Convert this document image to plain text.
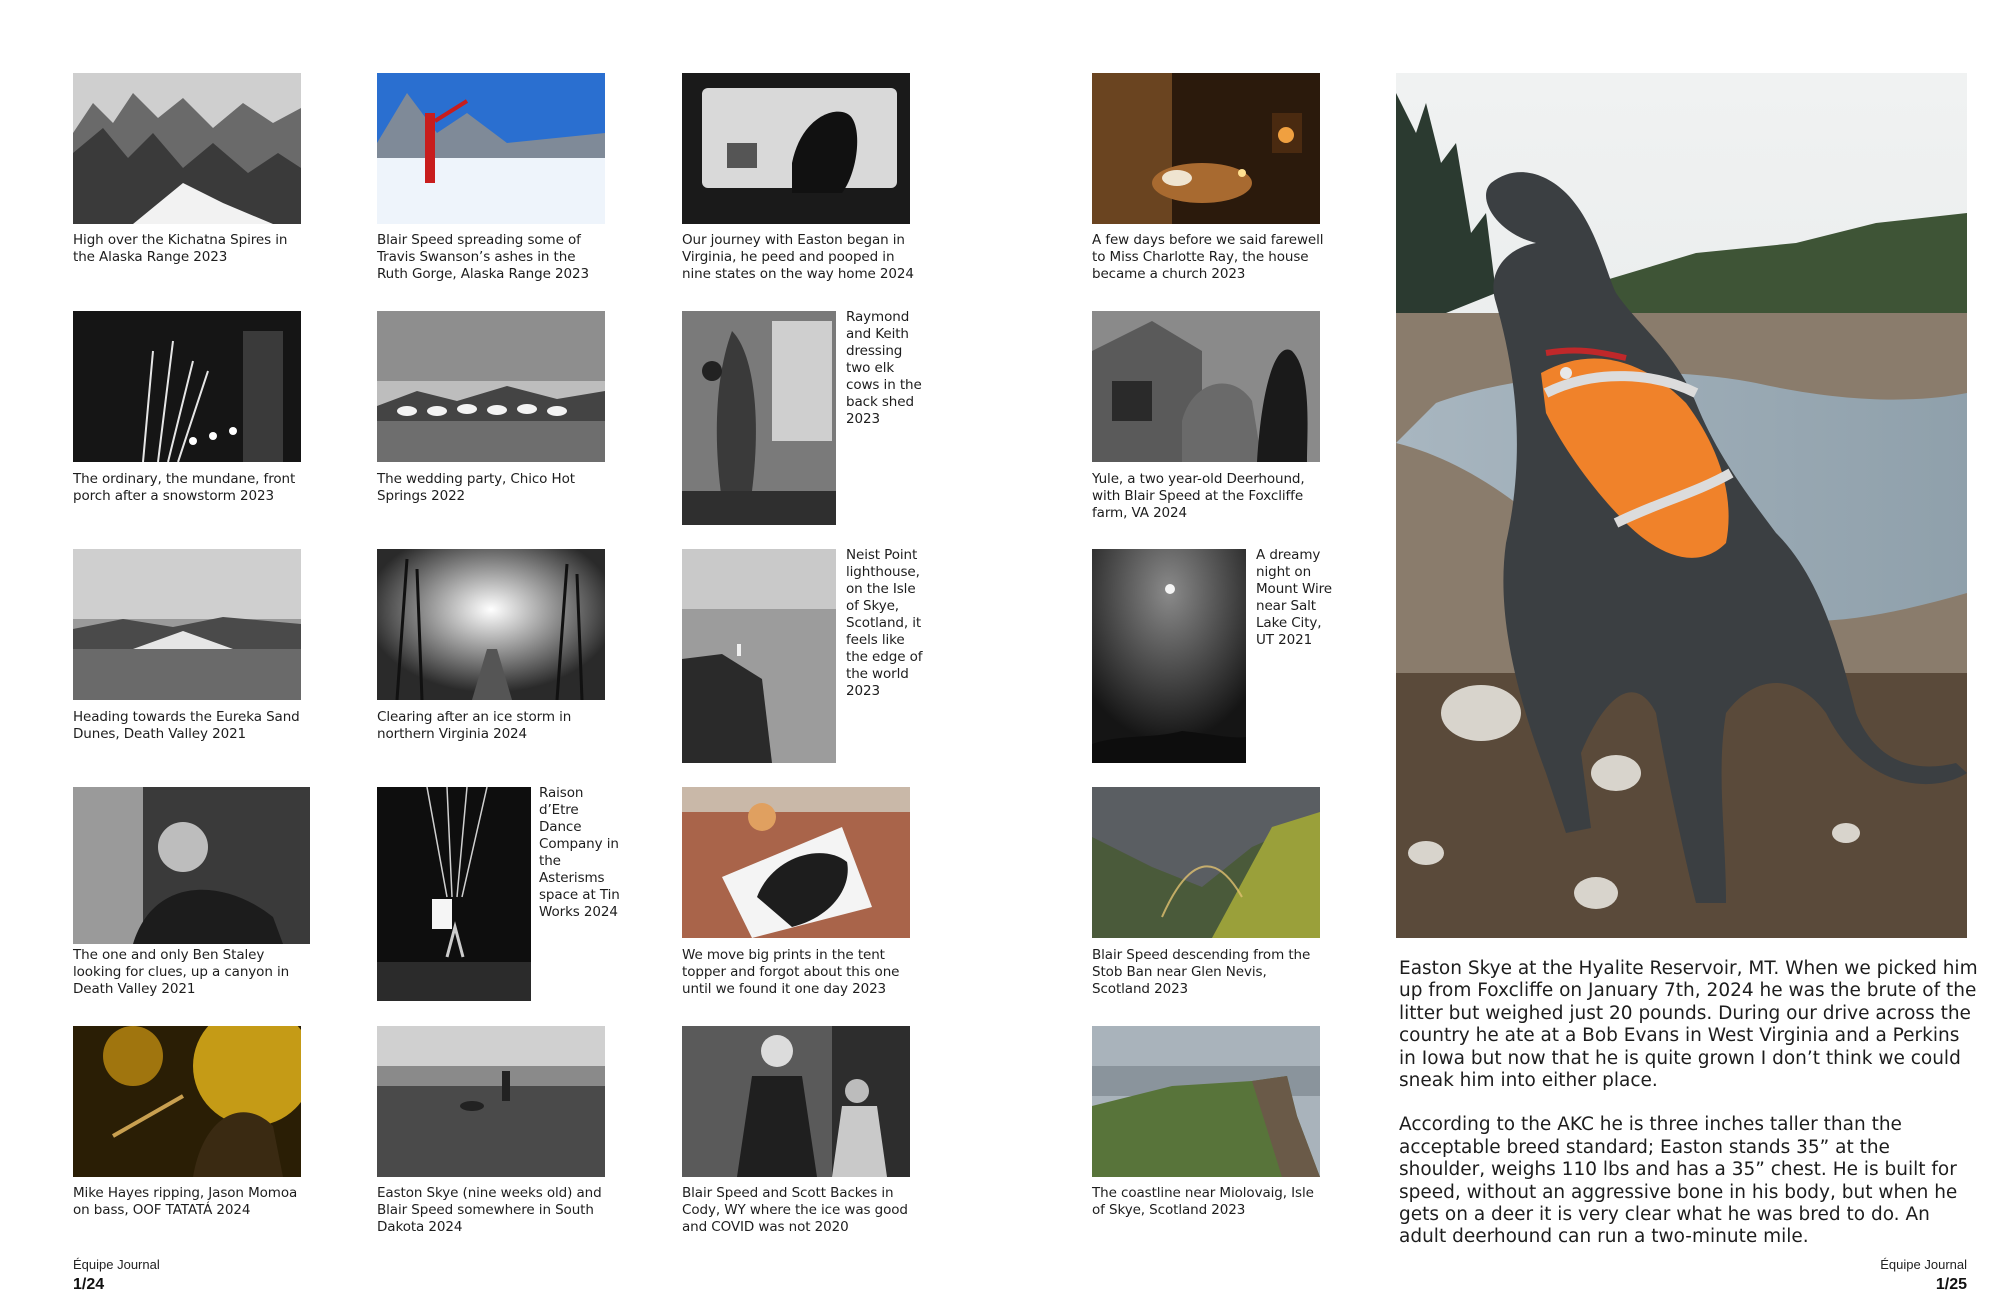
High over the Kichatna Spires in the Alaska Range 2023
Blair Speed spreading some of Travis Swanson’s ashes in the Ruth Gorge, Alaska Range 2023
Our journey with Easton began in Virginia, he peed and pooped in nine states on the way home 2024
The ordinary, the mundane, front porch after a snowstorm 2023
The wedding party, Chico Hot Springs 2022
Raymond and Keith dressing two elk cows in the back shed 2023
Heading towards the Eureka Sand Dunes, Death Valley 2021
Clearing after an ice storm in northern Virginia 2024
Neist Point lighthouse, on the Isle of Skye, Scotland, it feels like the edge of the world 2023
The one and only Ben Staley looking for clues, up a canyon in Death Valley 2021
Raison d’Etre Dance Company in the Asterisms space at Tin Works 2024
We move big prints in the tent topper and forgot about this one until we found it one day 2023
Mike Hayes ripping, Jason Momoa on bass, OOF TATATÁ 2024
Easton Skye (nine weeks old) and Blair Speed somewhere in South Dakota 2024
Blair Speed and Scott Backes in Cody, WY where the ice was good and COVID was not 2020
Équipe Journal
1/24
A few days before we said farewell to Miss Charlotte Ray, the house became a church 2023
Yule, a two year-old Deerhound, with Blair Speed at the Foxcliffe farm, VA 2024
A dreamy night on Mount Wire near Salt Lake City, UT 2021
Blair Speed descending from the Stob Ban near Glen Nevis, Scotland 2023
The coastline near Miolovaig, Isle of Skye, Scotland 2023

Easton Skye at the Hyalite Reservoir, MT. When we picked him up from Foxcliffe on January 7th, 2024 he was the brute of the litter but weighed just 20 pounds. During our drive across the country he ate at a Bob Evans in West Virginia and a Perkins in Iowa but now that he is quite grown I don’t think we could sneak him into either place.

According to the AKC he is three inches taller than the acceptable breed standard; Easton stands 35” at the shoulder, weighs 110 lbs and has a 35” chest. He is built for speed, without an aggressive bone in his body, but when he gets on a deer it is very clear what he was bred to do. An adult deerhound can run a two-minute mile.

Équipe Journal
1/25
